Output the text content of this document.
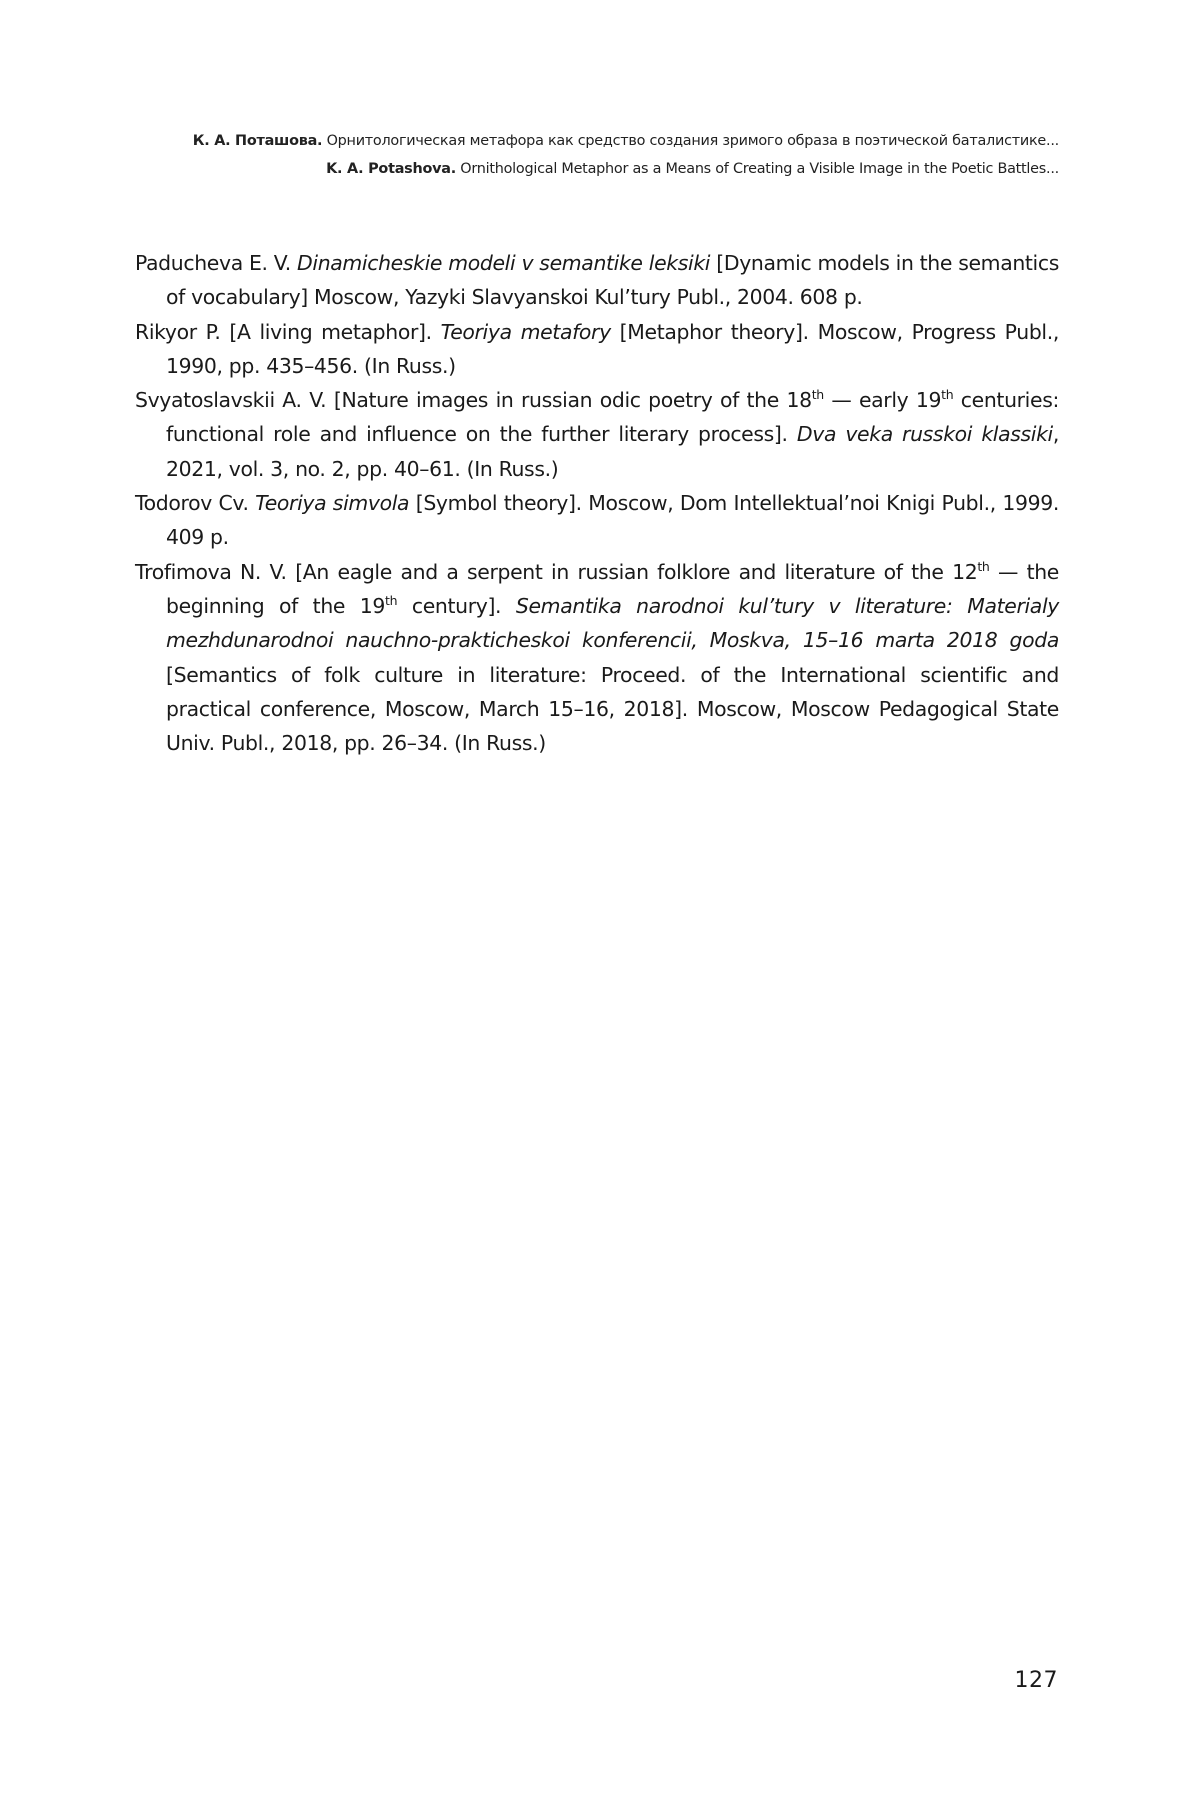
К. А. Поташова. Орнитологическая метафора как средство создания зримого образа в поэтической баталистике...
K. A. Potashova. Ornithological Metaphor as a Means of Creating a Visible Image in the Poetic Battles...

Paducheva E. V. Dinamicheskie modeli v semantike leksiki [Dynamic models in the semantics of vocabulary] Moscow, Yazyki Slavyanskoi Kul’tury Publ., 2004. 608 p.

Rikyor P. [A living metaphor]. Teoriya metafory [Metaphor theory]. Moscow, Progress Publ., 1990, pp. 435–456. (In Russ.)

Svyatoslavskii A. V. [Nature images in russian odic poetry of the 18th — early 19th centuries: functional role and influence on the further literary process]. Dva veka russkoi klassiki, 2021, vol. 3, no. 2, pp. 40–61. (In Russ.)

Todorov Cv. Teoriya simvola [Symbol theory]. Moscow, Dom Intellektual’noi Knigi Publ., 1999. 409 p.

Trofimova N. V. [An eagle and a serpent in russian folklore and literature of the 12th — the beginning of the 19th century]. Semantika narodnoi kul’tury v literature: Materialy mezhdunarodnoi nauchno-prakticheskoi konferencii, Moskva, 15–16 marta 2018 goda [Semantics of folk culture in literature: Proceed. of the International scientific and practical conference, Moscow, March 15–16, 2018]. Moscow, Moscow Pedagogical State Univ. Publ., 2018, pp. 26–34. (In Russ.)

127
